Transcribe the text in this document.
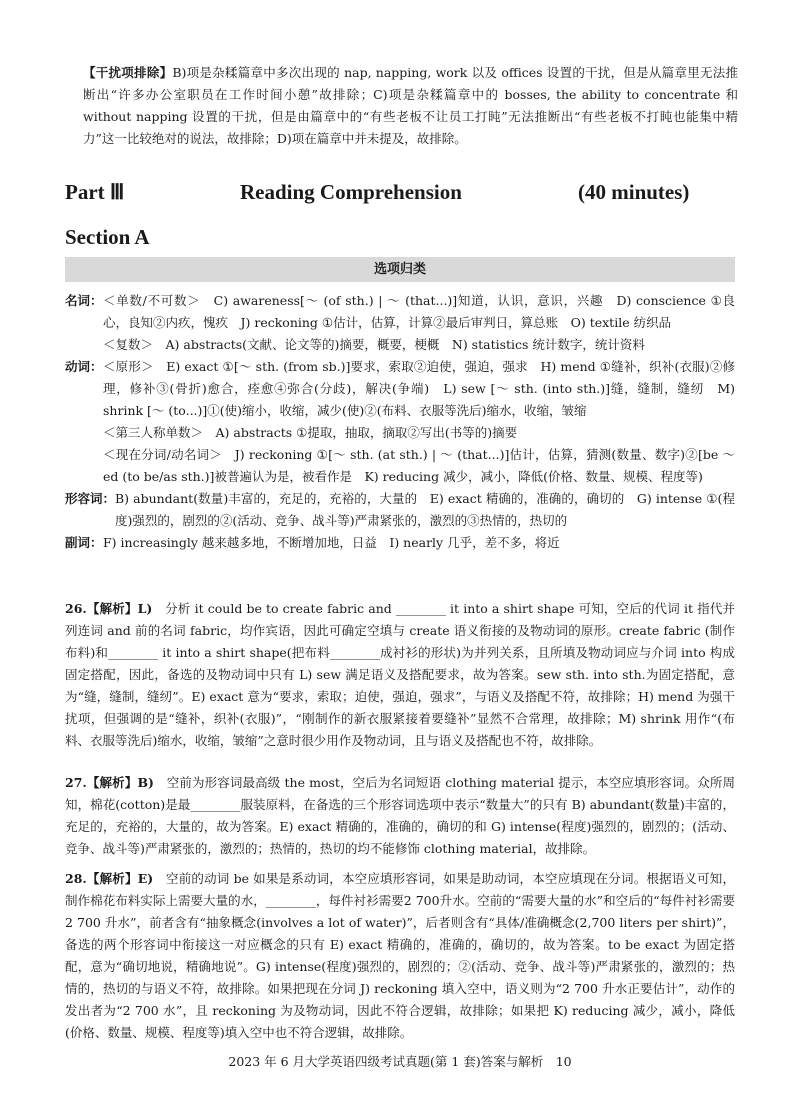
【干扰项排除】B)项是杂糅篇章中多次出现的 nap, napping, work 以及 offices 设置的干扰，但是从篇章里无法推断出“许多办公室职员在工作时间小憩”故排除；C)项是杂糅篇章中的 bosses, the ability to concentrate 和 without napping 设置的干扰，但是由篇章中的“有些老板不让员工打盹”无法推断出“有些老板不打盹也能集中精力”这一比较绝对的说法，故排除；D)项在篇章中并未提及，故排除。

Part Ⅲ	Reading Comprehension	(40 minutes)
Section A
选项归类
名词： ＜单数/不可数＞　C) awareness[～ (of sth.) | ～ (that...)]知道，认识，意识，兴趣　D) conscience ①良心，良知②内疚，愧疚　J) reckoning ①估计，估算，计算②最后审判日，算总账　O) textile 纺织品
＜复数＞　A) abstracts(文献、论文等的)摘要，概要，梗概　N) statistics 统计数字，统计资料
动词： ＜原形＞　E) exact ①[～ sth. (from sb.)]要求，索取②迫使，强迫，强求　H) mend ①缝补，织补(衣服)②修理，修补③(骨折)愈合，痊愈④弥合(分歧)，解决(争端)　L) sew [～ sth. (into sth.)]缝，缝制，缝纫　M) shrink [～ (to...)]①(使)缩小，收缩，减少(使)②(布料、衣服等洗后)缩水，收缩，皱缩
＜第三人称单数＞　A) abstracts ①提取，抽取，摘取②写出(书等的)摘要
＜现在分词/动名词＞　J) reckoning ①[～ sth. (at sth.) | ～ (that...)]估计，估算，猜测(数量、数字)②[be ～ed (to be/as sth.)]被普遍认为是，被看作是　K) reducing 减少，减小，降低(价格、数量、规模、程度等)
形容词： B) abundant(数量)丰富的，充足的，充裕的，大量的　E) exact 精确的，准确的，确切的　G) intense ①(程度)强烈的，剧烈的②(活动、竞争、战斗等)严肃紧张的，激烈的③热情的，热切的
副词： F) increasingly 越来越多地，不断增加地，日益　I) nearly 几乎，差不多，将近
26.【解析】L)　分析 it could be to create fabric and ________ it into a shirt shape 可知，空后的代词 it 指代并列连词 and 前的名词 fabric，均作宾语，因此可确定空填与 create 语义衔接的及物动词的原形。create fabric (制作布料)和________ it into a shirt shape(把布料________成衬衫的形状)为并列关系，且所填及物动词应与介词 into 构成固定搭配，因此，备选的及物动词中只有 L) sew 满足语义及搭配要求，故为答案。sew sth. into sth.为固定搭配，意为“缝，缝制，缝纫”。E) exact 意为“要求，索取；迫使，强迫，强求”，与语义及搭配不符，故排除；H) mend 为强干扰项，但强调的是“缝补，织补(衣服)”，“刚制作的新衣服紧接着要缝补”显然不合常理，故排除；M) shrink 用作“(布料、衣服等洗后)缩水，收缩，皱缩”之意时很少用作及物动词，且与语义及搭配也不符，故排除。
27.【解析】B)　空前为形容词最高级 the most，空后为名词短语 clothing material 提示，本空应填形容词。众所周知，棉花(cotton)是最________服装原料，在备选的三个形容词选项中表示“数量大”的只有 B) abundant(数量)丰富的，充足的，充裕的，大量的，故为答案。E) exact 精确的，准确的，确切的和 G) intense(程度)强烈的，剧烈的；(活动、竞争、战斗等)严肃紧张的，激烈的；热情的，热切的均不能修饰 clothing material，故排除。
28.【解析】E)　空前的动词 be 如果是系动词，本空应填形容词，如果是助动词，本空应填现在分词。根据语义可知，制作棉花布料实际上需要大量的水，________，每件衬衫需要2 700升水。空前的“需要大量的水”和空后的“每件衬衫需要 2 700 升水”，前者含有“抽象概念(involves a lot of water)”，后者则含有“具体/准确概念(2,700 liters per shirt)”，备选的两个形容词中衔接这一对应概念的只有 E) exact 精确的，准确的，确切的，故为答案。to be exact 为固定搭配，意为“确切地说，精确地说”。G) intense(程度)强烈的，剧烈的；②(活动、竞争、战斗等)严肃紧张的，激烈的；热情的，热切的与语义不符，故排除。如果把现在分词 J) reckoning 填入空中，语义则为“2 700 升水正要估计”，动作的发出者为“2 700 水”，且 reckoning 为及物动词，因此不符合逻辑，故排除；如果把 K) reducing 减少，减小，降低(价格、数量、规模、程度等)填入空中也不符合逻辑，故排除。
2023 年 6 月大学英语四级考试真题(第 1 套)答案与解析　10
